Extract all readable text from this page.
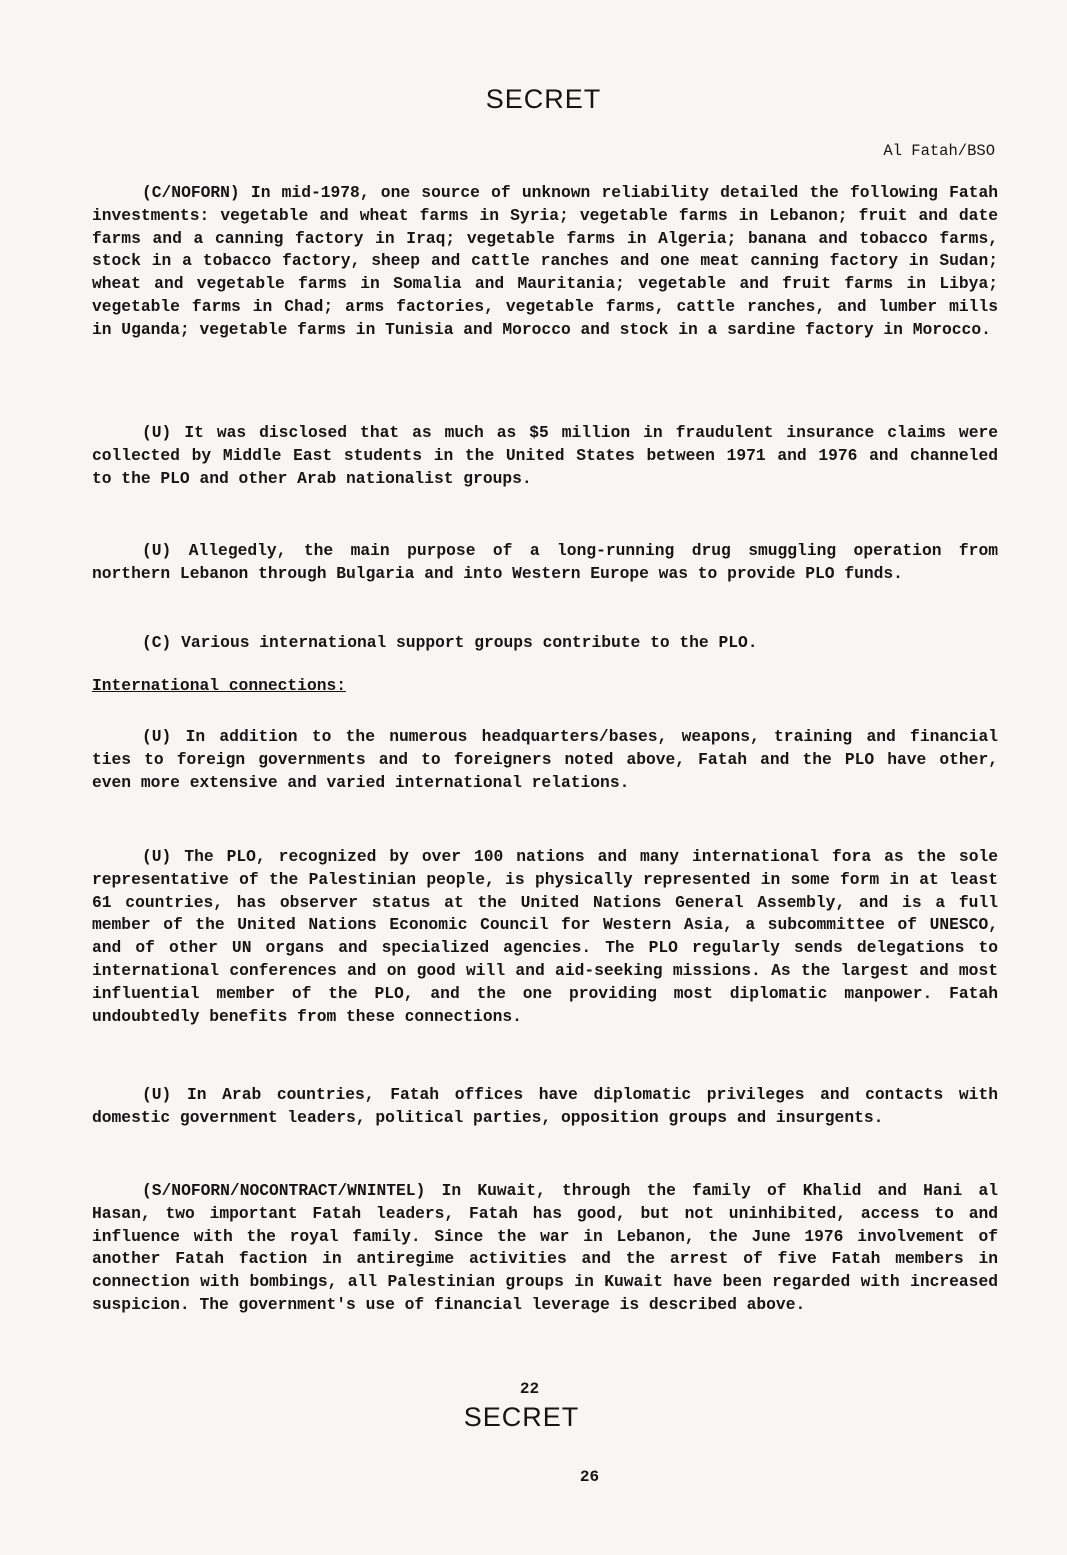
SECRET
Al Fatah/BSO

(C/NOFORN) In mid-1978, one source of unknown reliability detailed the following Fatah investments: vegetable and wheat farms in Syria; vegetable farms in Lebanon; fruit and date farms and a canning factory in Iraq; vegetable farms in Algeria; banana and tobacco farms, stock in a tobacco factory, sheep and cattle ranches and one meat canning factory in Sudan; wheat and vegetable farms in Somalia and Mauritania; vegetable and fruit farms in Libya; vegetable farms in Chad; arms factories, vegetable farms, cattle ranches, and lumber mills in Uganda; vegetable farms in Tunisia and Morocco and stock in a sardine factory in Morocco.

(U) It was disclosed that as much as $5 million in fraudulent insurance claims were collected by Middle East students in the United States between 1971 and 1976 and channeled to the PLO and other Arab nationalist groups.

(U) Allegedly, the main purpose of a long-running drug smuggling operation from northern Lebanon through Bulgaria and into Western Europe was to provide PLO funds.

(C) Various international support groups contribute to the PLO.

International connections:

(U) In addition to the numerous headquarters/bases, weapons, training and financial ties to foreign governments and to foreigners noted above, Fatah and the PLO have other, even more extensive and varied international relations.

(U) The PLO, recognized by over 100 nations and many international fora as the sole representative of the Palestinian people, is physically represented in some form in at least 61 countries, has observer status at the United Nations General Assembly, and is a full member of the United Nations Economic Council for Western Asia, a subcommittee of UNESCO, and of other UN organs and specialized agencies. The PLO regularly sends delegations to international conferences and on good will and aid-seeking missions. As the largest and most influential member of the PLO, and the one providing most diplomatic manpower. Fatah undoubtedly benefits from these connections.

(U) In Arab countries, Fatah offices have diplomatic privileges and contacts with domestic government leaders, political parties, opposition groups and insurgents.

(S/NOFORN/NOCONTRACT/WNINTEL) In Kuwait, through the family of Khalid and Hani al Hasan, two important Fatah leaders, Fatah has good, but not uninhibited, access to and influence with the royal family. Since the war in Lebanon, the June 1976 involvement of another Fatah faction in antiregime activities and the arrest of five Fatah members in connection with bombings, all Palestinian groups in Kuwait have been regarded with increased suspicion. The government's use of financial leverage is described above.

22
SECRET
26
